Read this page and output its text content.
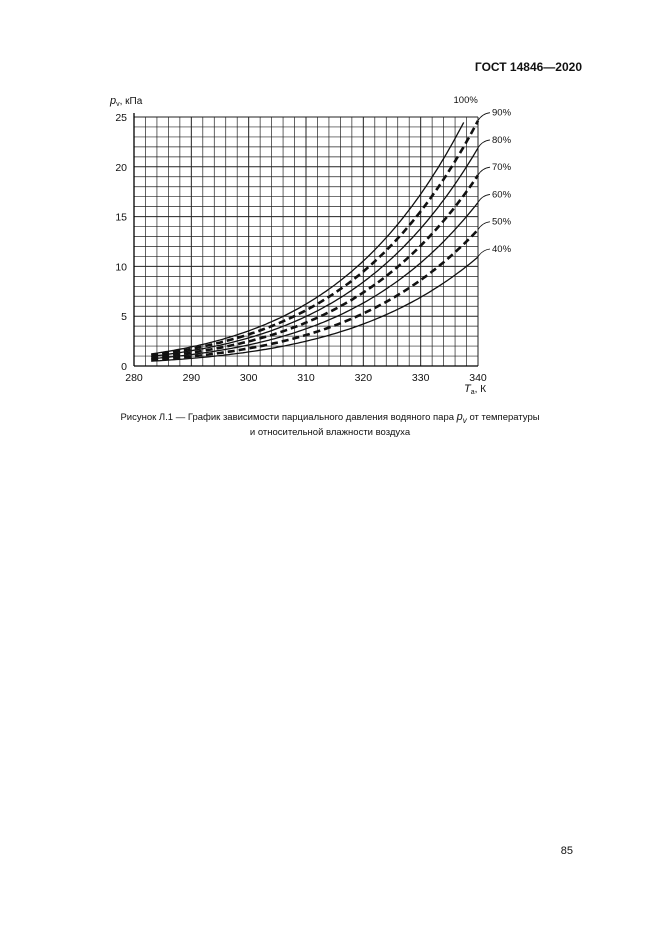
ГОСТ 14846—2020
280	290	300	310	320	330	340
0
5
10
15
20
25
$p_v$, кПа
$T_a$, К
100%
90%
80%
70%
60%
50%
40%
Рисунок Л.1 — График зависимости парциального давления водяного пара $p_v$ от температуры
и относительной влажности воздуха
85
